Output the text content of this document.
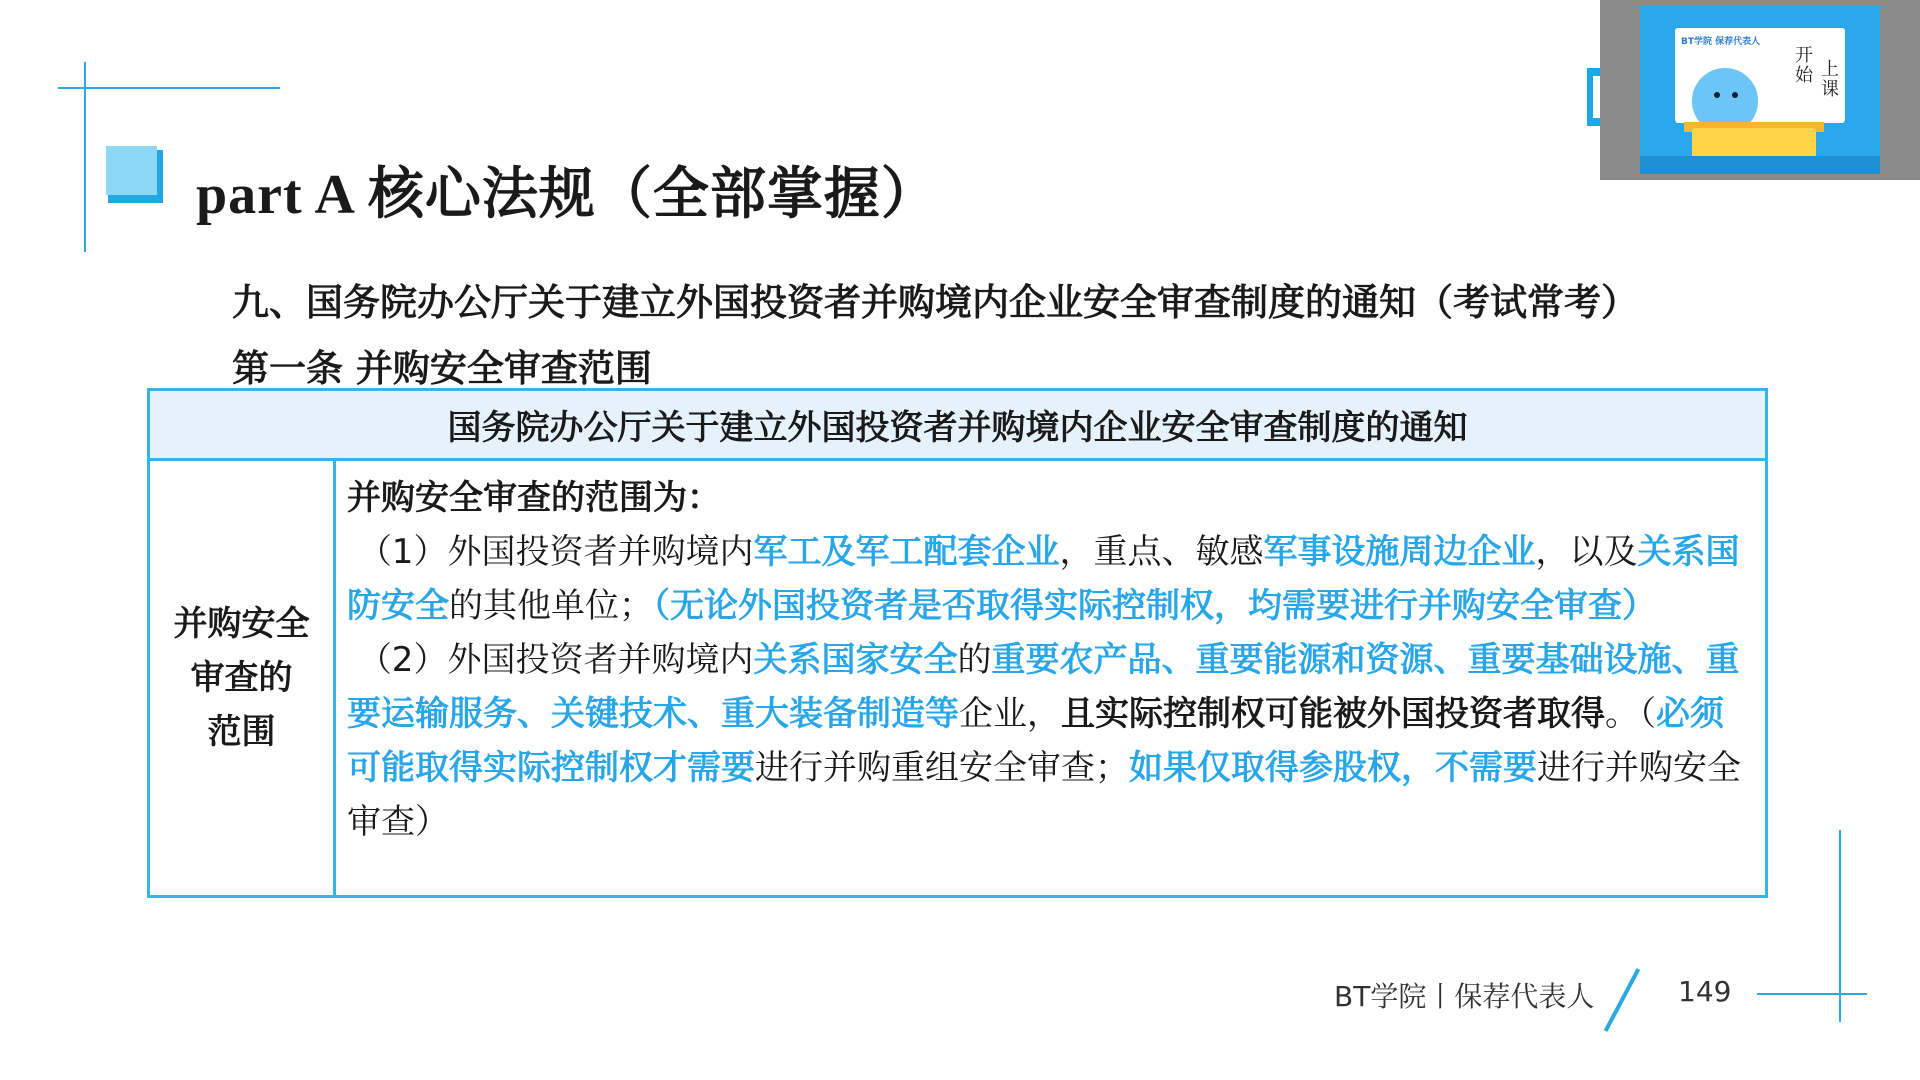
part A 核心法规（全部掌握）
九、国务院办公厅关于建立外国投资者并购境内企业安全审查制度的通知（考试常考）
第一条 并购安全审查范围
国务院办公厅关于建立外国投资者并购境内企业安全审查制度的通知
并购安全
审查的
范围
并购安全审查的范围为：
（1）外国投资者并购境内军工及军工配套企业，重点、敏感军事设施周边企业，以及关系国防安全的其他单位；（无论外国投资者是否取得实际控制权，均需要进行并购安全审查）
（2）外国投资者并购境内关系国家安全的重要农产品、重要能源和资源、重要基础设施、重要运输服务、关键技术、重大装备制造等企业，且实际控制权可能被外国投资者取得。（必须可能取得实际控制权才需要进行并购重组安全审查；如果仅取得参股权，不需要进行并购安全审查）
BT学院丨保荐代表人	149
BT学院 保荐代表人
开始 上课
